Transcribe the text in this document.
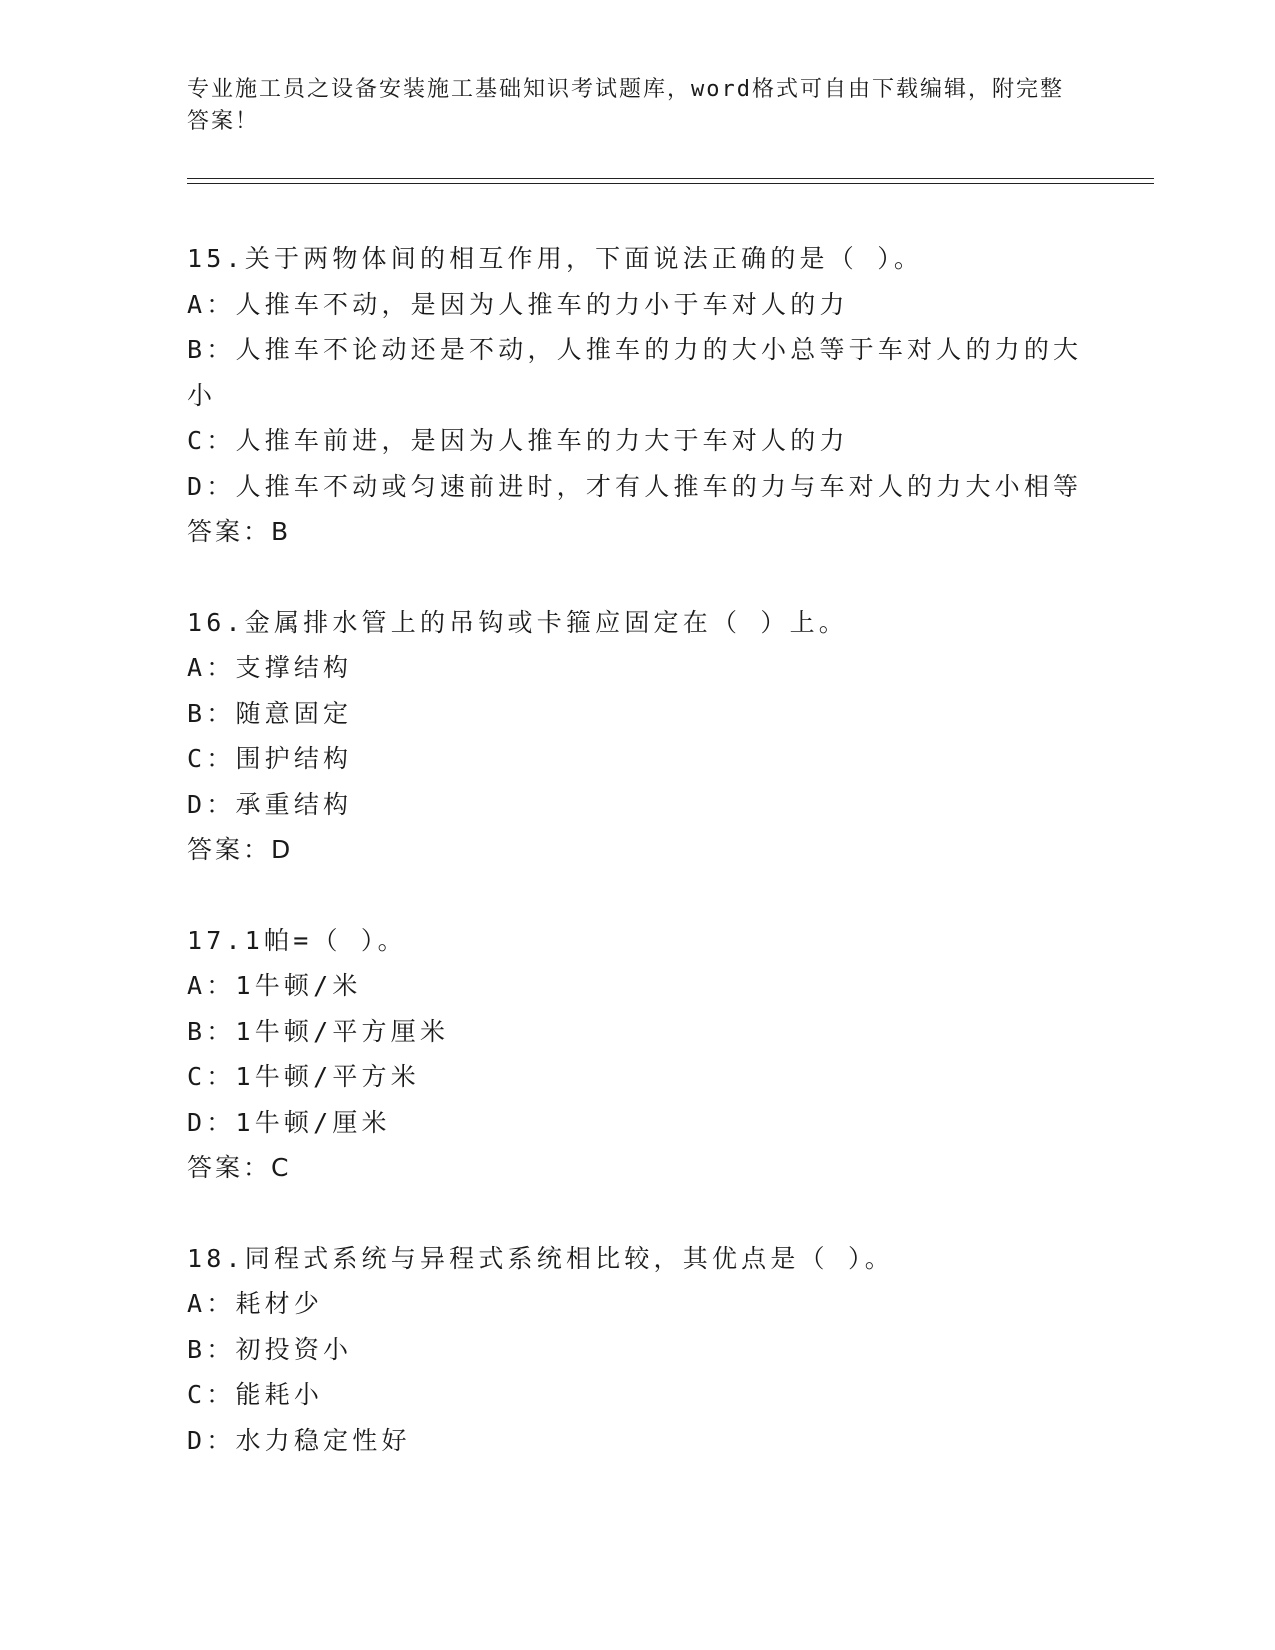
专业施工员之设备安装施工基础知识考试题库，word格式可自由下载编辑，附完整答案！
15.关于两物体间的相互作用，下面说法正确的是（ ）。
A：人推车不动，是因为人推车的力小于车对人的力
B：人推车不论动还是不动，人推车的力的大小总等于车对人的力的大小
C：人推车前进，是因为人推车的力大于车对人的力
D：人推车不动或匀速前进时，才有人推车的力与车对人的力大小相等
答案：B
16.金属排水管上的吊钩或卡箍应固定在（ ）上。
A：支撑结构
B：随意固定
C：围护结构
D：承重结构
答案：D
17.1帕=（ ）。
A：1牛顿/米
B：1牛顿/平方厘米
C：1牛顿/平方米
D：1牛顿/厘米
答案：C
18.同程式系统与异程式系统相比较，其优点是（ ）。
A：耗材少
B：初投资小
C：能耗小
D：水力稳定性好
